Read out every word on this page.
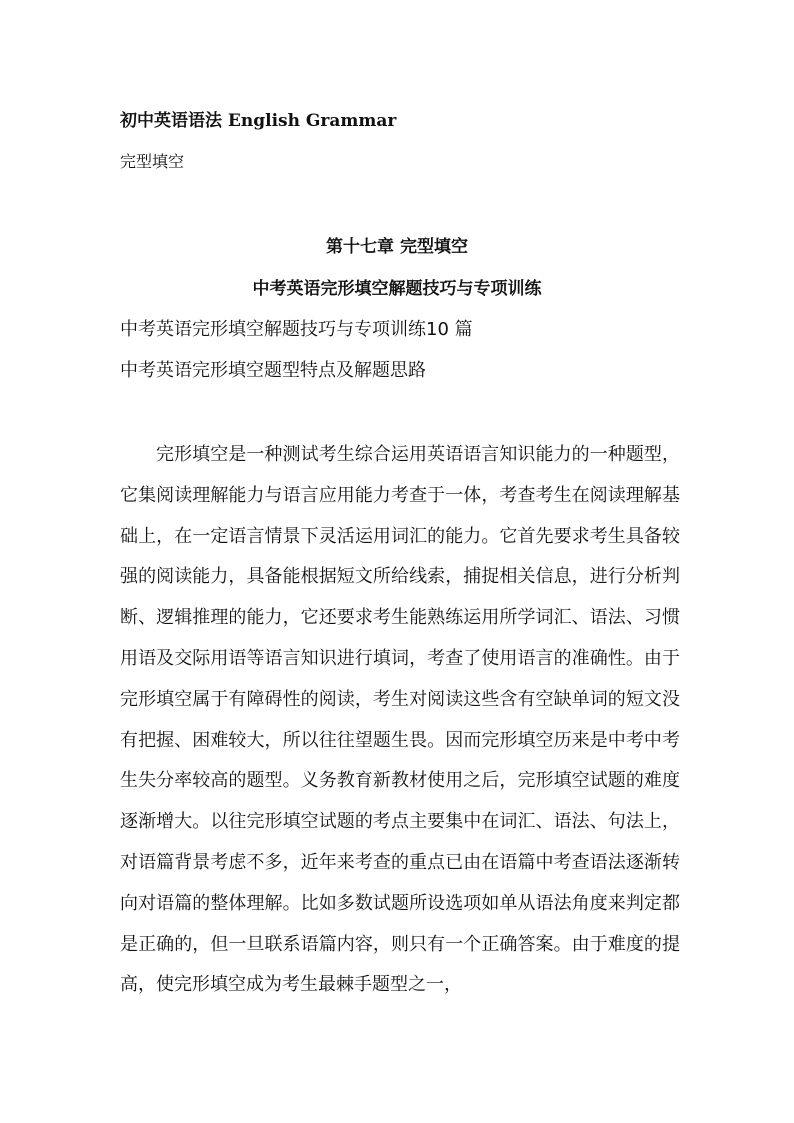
初中英语语法 English Grammar
完型填空
第十七章 完型填空
中考英语完形填空解题技巧与专项训练
中考英语完形填空解题技巧与专项训练10 篇
中考英语完形填空题型特点及解题思路

完形填空是一种测试考生综合运用英语语言知识能力的一种题型，它集阅读理解能力与语言应用能力考查于一体，考查考生在阅读理解基础上，在一定语言情景下灵活运用词汇的能力。它首先要求考生具备较强的阅读能力，具备能根据短文所给线索，捕捉相关信息，进行分析判断、逻辑推理的能力，它还要求考生能熟练运用所学词汇、语法、习惯用语及交际用语等语言知识进行填词，考查了使用语言的准确性。由于完形填空属于有障碍性的阅读，考生对阅读这些含有空缺单词的短文没有把握、困难较大，所以往往望题生畏。因而完形填空历来是中考中考生失分率较高的题型。义务教育新教材使用之后，完形填空试题的难度逐渐增大。以往完形填空试题的考点主要集中在词汇、语法、句法上，对语篇背景考虑不多，近年来考查的重点已由在语篇中考查语法逐渐转向对语篇的整体理解。比如多数试题所设选项如单从语法角度来判定都是正确的，但一旦联系语篇内容，则只有一个正确答案。由于难度的提高，使完形填空成为考生最棘手题型之一，
